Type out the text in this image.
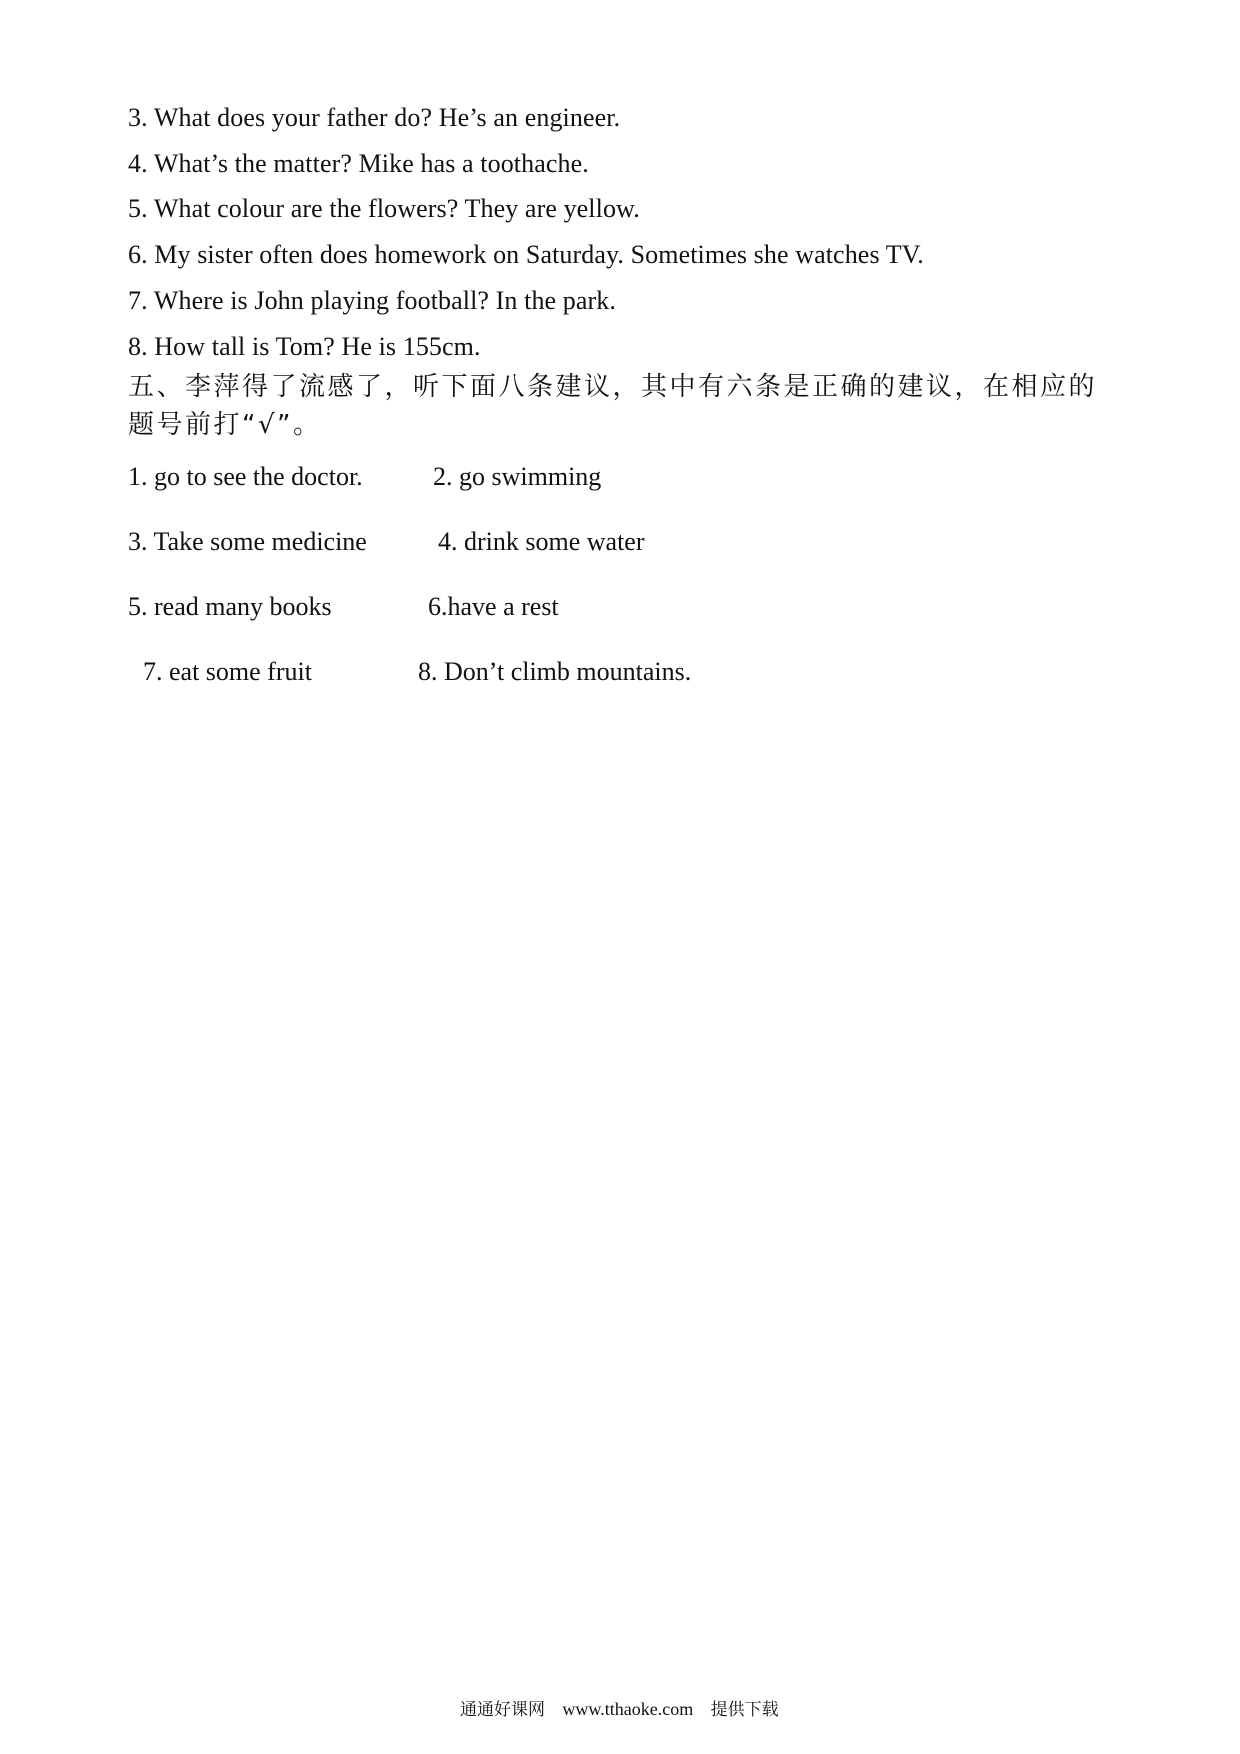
3. What does your father do? He’s an engineer.
4. What’s the matter? Mike has a toothache.
5. What colour are the flowers? They are yellow.
6. My sister often does homework on Saturday. Sometimes she watches TV.
7. Where is John playing football? In the park.
8. How tall is Tom? He is 155cm.
五、李萍得了流感了，听下面八条建议，其中有六条是正确的建议，在相应的
题号前打“√”。
1. go to see the doctor.	2. go swimming
3. Take some medicine	4. drink some water
5. read many books	6.have a rest
7. eat some fruit	8. Don’t climb mountains.
通通好课网 www.tthaoke.com 提供下载
